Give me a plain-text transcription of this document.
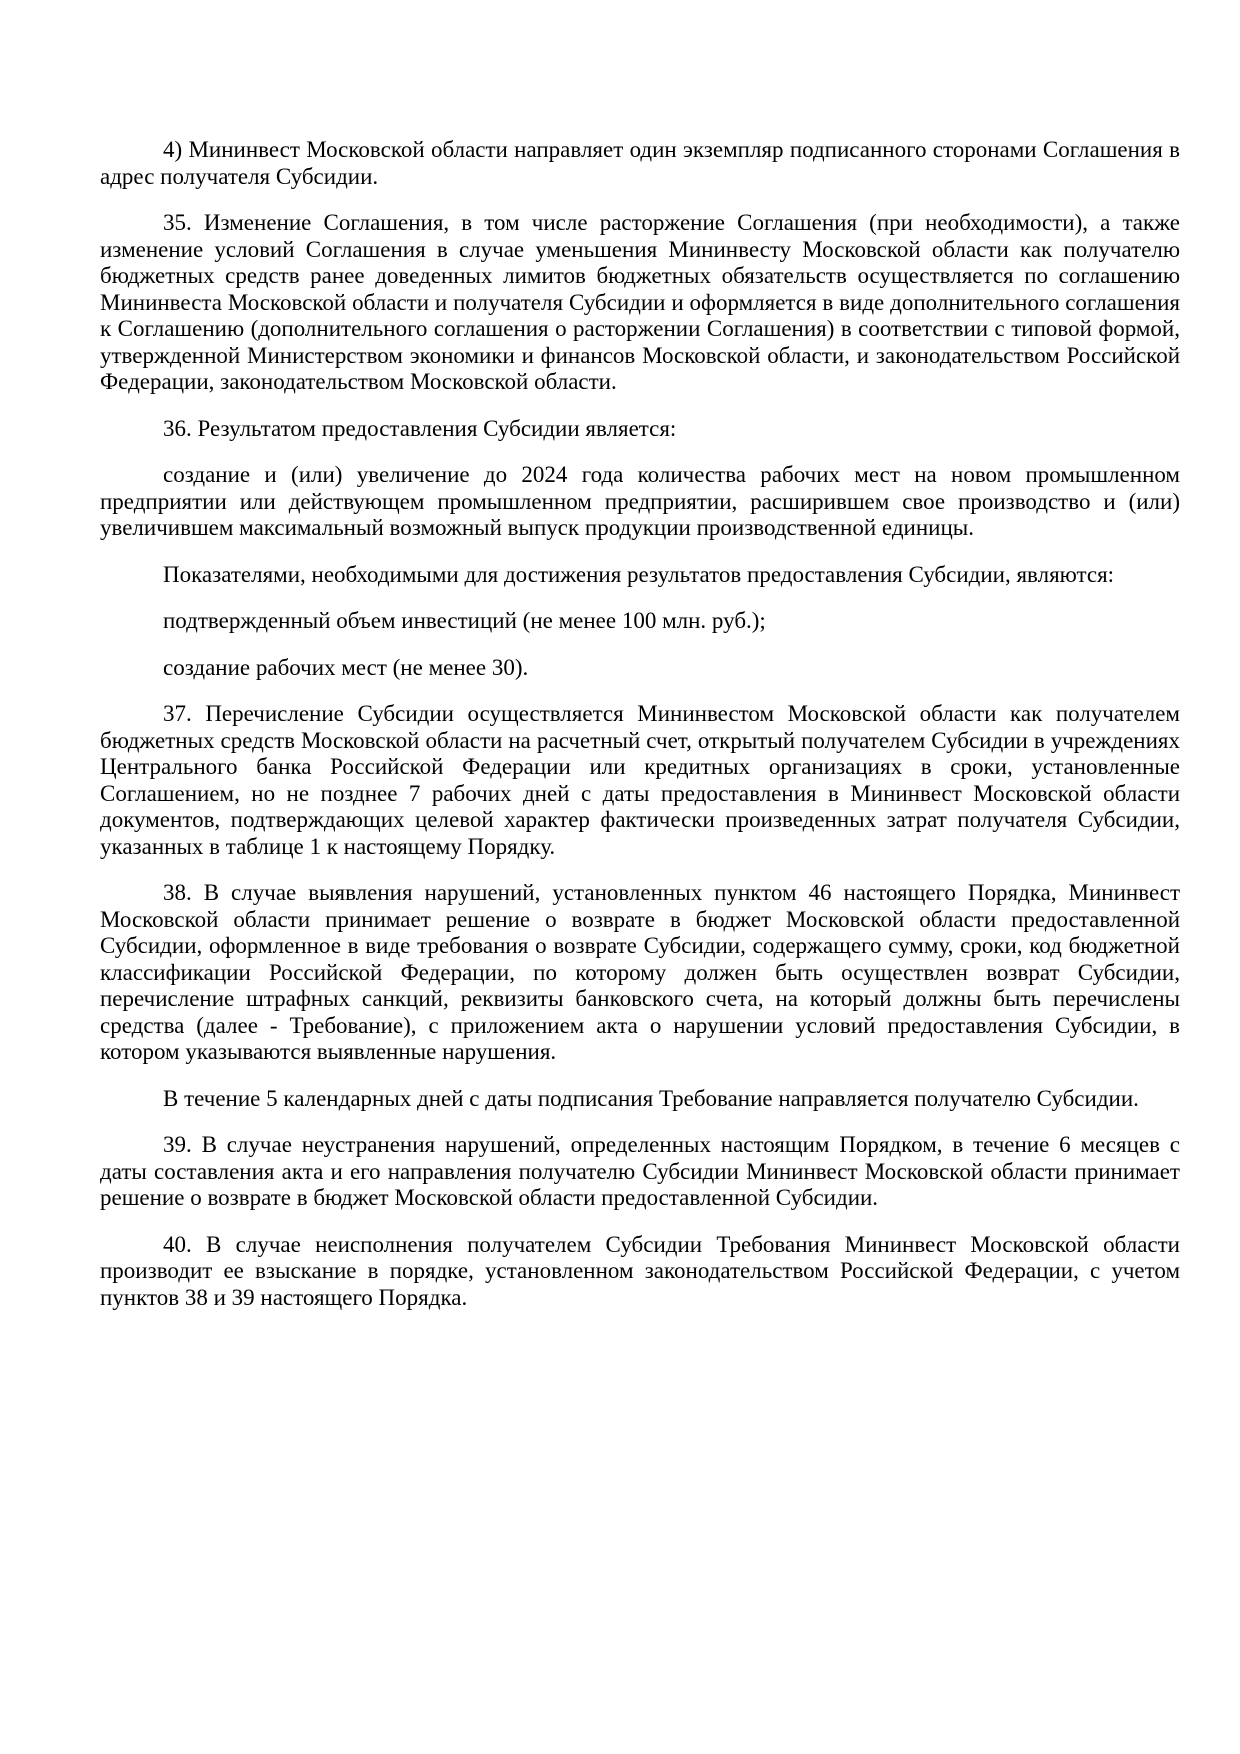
4) Мининвест Московской области направляет один экземпляр подписанного сторонами Соглашения в адрес получателя Субсидии.

35. Изменение Соглашения, в том числе расторжение Соглашения (при необходимости), а также изменение условий Соглашения в случае уменьшения Мининвесту Московской области как получателю бюджетных средств ранее доведенных лимитов бюджетных обязательств осуществляется по соглашению Мининвеста Московской области и получателя Субсидии и оформляется в виде дополнительного соглашения к Соглашению (дополнительного соглашения о расторжении Соглашения) в соответствии с типовой формой, утвержденной Министерством экономики и финансов Московской области, и законодательством Российской Федерации, законодательством Московской области.

36. Результатом предоставления Субсидии является:

создание и (или) увеличение до 2024 года количества рабочих мест на новом промышленном предприятии или действующем промышленном предприятии, расширившем свое производство и (или) увеличившем максимальный возможный выпуск продукции производственной единицы.

Показателями, необходимыми для достижения результатов предоставления Субсидии, являются:

подтвержденный объем инвестиций (не менее 100 млн. руб.);

создание рабочих мест (не менее 30).

37. Перечисление Субсидии осуществляется Мининвестом Московской области как получателем бюджетных средств Московской области на расчетный счет, открытый получателем Субсидии в учреждениях Центрального банка Российской Федерации или кредитных организациях в сроки, установленные Соглашением, но не позднее 7 рабочих дней с даты предоставления в Мининвест Московской области документов, подтверждающих целевой характер фактически произведенных затрат получателя Субсидии, указанных в таблице 1 к настоящему Порядку.

38. В случае выявления нарушений, установленных пунктом 46 настоящего Порядка, Мининвест Московской области принимает решение о возврате в бюджет Московской области предоставленной Субсидии, оформленное в виде требования о возврате Субсидии, содержащего сумму, сроки, код бюджетной классификации Российской Федерации, по которому должен быть осуществлен возврат Субсидии, перечисление штрафных санкций, реквизиты банковского счета, на который должны быть перечислены средства (далее - Требование), с приложением акта о нарушении условий предоставления Субсидии, в котором указываются выявленные нарушения.

В течение 5 календарных дней с даты подписания Требование направляется получателю Субсидии.

39. В случае неустранения нарушений, определенных настоящим Порядком, в течение 6 месяцев с даты составления акта и его направления получателю Субсидии Мининвест Московской области принимает решение о возврате в бюджет Московской области предоставленной Субсидии.

40. В случае неисполнения получателем Субсидии Требования Мининвест Московской области производит ее взыскание в порядке, установленном законодательством Российской Федерации, с учетом пунктов 38 и 39 настоящего Порядка.
